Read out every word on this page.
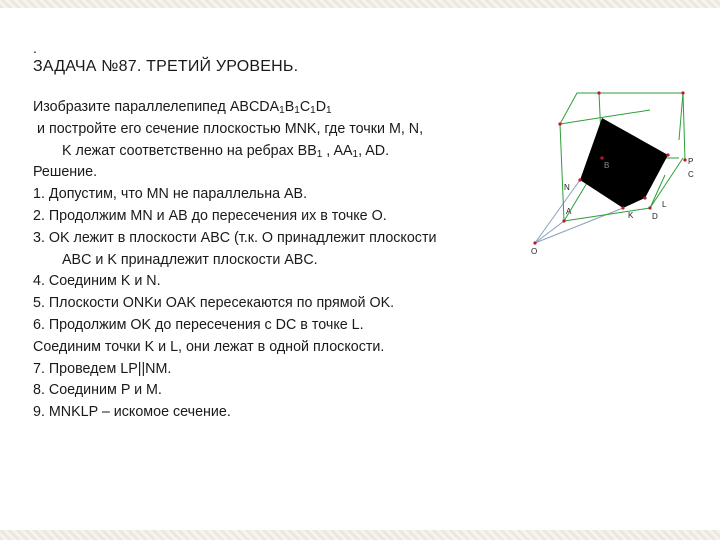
.
ЗАДАЧА №87. ТРЕТИЙ УРОВЕНЬ.
Изобразите параллелепипед $ABCDA_1B_1C_1D_1$
и постройте его сечение плоскостью MNK, где точки M, N,
K лежат соответственно на ребрах $BB_1$ , $AA_1$, AD.
Решение.
1. Допустим, что MN не параллельна AB.
2. Продолжим MN и AB до пересечения их в точке O.
3. OK лежит в плоскости ABC (т.к. O принадлежит плоскости
ABC и K принадлежит плоскости ABC.
4. Соединим K и N.
5. Плоскости ONKи OAK пересекаются по прямой OK.
6. Продолжим OK до пересечения с DC в точке L.
Соединим точки K и L, они лежат в одной плоскости.
7. Проведем LP||NM.
8. Соединим P и M.
9. MNKLP – искомое сечение.
N
A	K D
L
P
C
O
B
